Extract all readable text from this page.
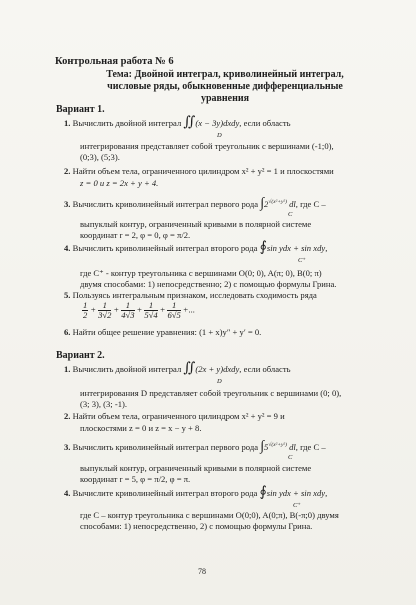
Контрольная работа № 6
Тема: Двойной интеграл, криволинейный интеграл,
числовые ряды, обыкновенные дифференциальные
уравнения
Вариант 1.
1. Вычислить двойной интеграл ∬(x − 3y)dxdy, если область
D
интегрирования представляет собой треугольник с вершинами (-1;0),
(0;3), (5;3).
2. Найти объем тела, ограниченного цилиндром x² + y² = 1 и плоскостями
z = 0 и z = 2x + y + 4.
3. Вычислить криволинейный интеграл первого рода $\int 2^{√(x^2+y^2)}$ dl, где C –
C
выпуклый контур, ограниченный кривыми в полярной системе
координат r = 2, φ = 0, φ = π/2.
4. Вычислить криволинейный интеграл второго рода ∮sin ydx + sin xdy,
C⁺
где C⁺ - контур треугольника с вершинами O(0; 0), A(π; 0), B(0; π)
двумя способами: 1) непосредственно; 2) с помощью формулы Грина.
5. Пользуясь интегральным признаком, исследовать сходимость ряда
$\frac{1}{2} + \frac{1}{3√2} + \frac{1}{4√3} + \frac{1}{5√4} + \frac{1}{6√5}$ +...
6. Найти общее решение уравнения: (1 + x)y″ + y′ = 0.
Вариант 2.
1. Вычислить двойной интеграл ∬(2x + y)dxdy, если область
D
интегрирования D представляет собой треугольник с вершинами (0; 0),
(3; 3), (3; -1).
2. Найти объем тела, ограниченного цилиндром x² + y² = 9 и
плоскостями z = 0 и z = x − y + 8.
3. Вычислить криволинейный интеграл первого рода $\int 5^{√(x^2+y^2)}$ dl, где C –
C
выпуклый контур, ограниченный кривыми в полярной системе
координат r = 5, φ = π/2, φ = π.
4. Вычислите криволинейный интеграл второго рода ∮sin ydx + sin xdy,
C⁺
где C – контур треугольника с вершинами O(0;0), A(0;π), B(-π;0) двумя
способами: 1) непосредственно, 2) с помощью формулы Грина.
78
